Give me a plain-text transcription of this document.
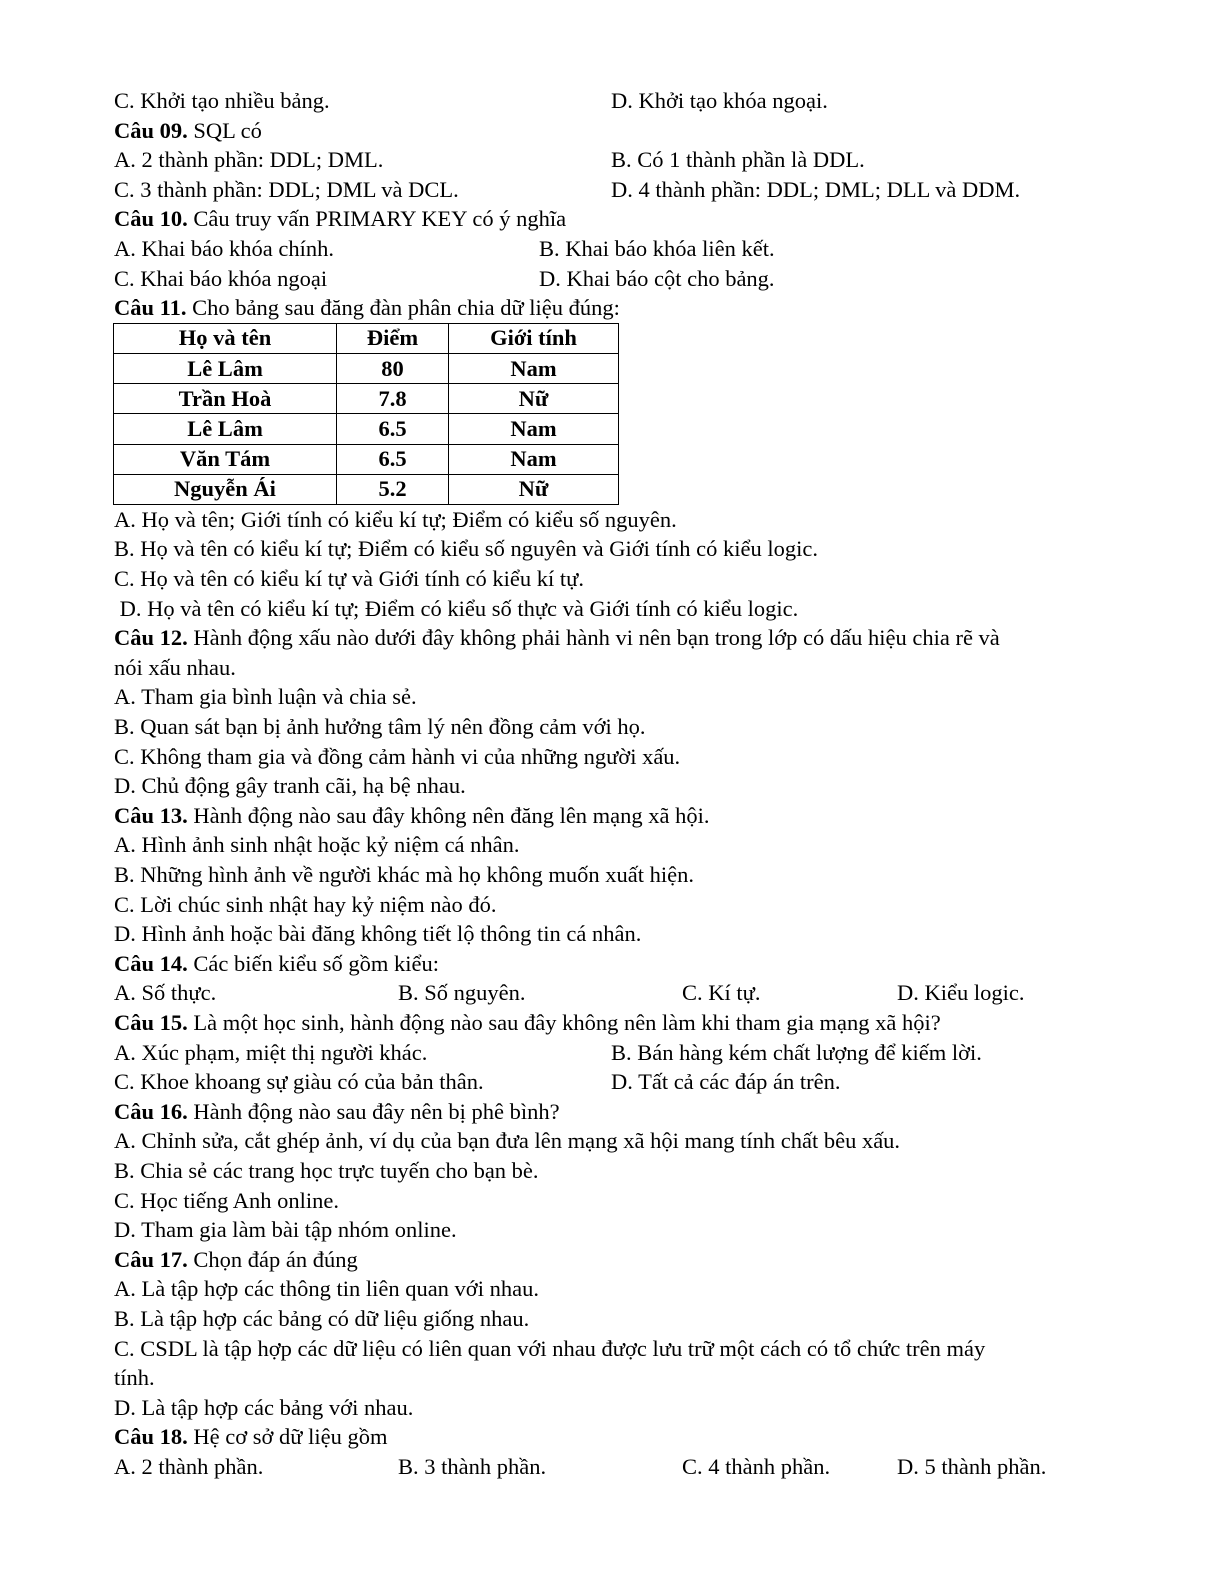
C. Khởi tạo nhiều bảng.	D. Khởi tạo khóa ngoại.
Câu 09. SQL có
A. 2 thành phần: DDL; DML.	B. Có 1 thành phần là DDL.
C. 3 thành phần: DDL; DML và DCL.	D. 4 thành phần: DDL; DML; DLL và DDM.
Câu 10. Câu truy vấn PRIMARY KEY có ý nghĩa
A. Khai báo khóa chính.	B. Khai báo khóa liên kết.
C. Khai báo khóa ngoại	D. Khai báo cột cho bảng.
Câu 11. Cho bảng sau đăng đàn phân chia dữ liệu đúng:
Họ và tên	Điểm	Giới tính
Lê Lâm	80	Nam
Trần Hoà	7.8	Nữ
Lê Lâm	6.5	Nam
Văn Tám	6.5	Nam
Nguyễn Ái	5.2	Nữ
A. Họ và tên; Giới tính có kiểu kí tự; Điểm có kiểu số nguyên.
B. Họ và tên có kiểu kí tự; Điểm có kiểu số nguyên và Giới tính có kiểu logic.
C. Họ và tên có kiểu kí tự và Giới tính có kiểu kí tự.
D. Họ và tên có kiểu kí tự; Điểm có kiểu số thực và Giới tính có kiểu logic.
Câu 12. Hành động xấu nào dưới đây không phải hành vi nên bạn trong lớp có dấu hiệu chia rẽ và
nói xấu nhau.
A. Tham gia bình luận và chia sẻ.
B. Quan sát bạn bị ảnh hưởng tâm lý nên đồng cảm với họ.
C. Không tham gia và đồng cảm hành vi của những người xấu.
D. Chủ động gây tranh cãi, hạ bệ nhau.
Câu 13. Hành động nào sau đây không nên đăng lên mạng xã hội.
A. Hình ảnh sinh nhật hoặc kỷ niệm cá nhân.
B. Những hình ảnh về người khác mà họ không muốn xuất hiện.
C. Lời chúc sinh nhật hay kỷ niệm nào đó.
D. Hình ảnh hoặc bài đăng không tiết lộ thông tin cá nhân.
Câu 14. Các biến kiểu số gồm kiểu:
A. Số thực.	B. Số nguyên.	C. Kí tự.	D. Kiểu logic.
Câu 15. Là một học sinh, hành động nào sau đây không nên làm khi tham gia mạng xã hội?
A. Xúc phạm, miệt thị người khác.	B. Bán hàng kém chất lượng để kiếm lời.
C. Khoe khoang sự giàu có của bản thân.	D. Tất cả các đáp án trên.
Câu 16. Hành động nào sau đây nên bị phê bình?
A. Chỉnh sửa, cắt ghép ảnh, ví dụ của bạn đưa lên mạng xã hội mang tính chất bêu xấu.
B. Chia sẻ các trang học trực tuyến cho bạn bè.
C. Học tiếng Anh online.
D. Tham gia làm bài tập nhóm online.
Câu 17. Chọn đáp án đúng
A. Là tập hợp các thông tin liên quan với nhau.
B. Là tập hợp các bảng có dữ liệu giống nhau.
C. CSDL là tập hợp các dữ liệu có liên quan với nhau được lưu trữ một cách có tổ chức trên máy
tính.
D. Là tập hợp các bảng với nhau.
Câu 18. Hệ cơ sở dữ liệu gồm
A. 2 thành phần.	B. 3 thành phần.	C. 4 thành phần.	D. 5 thành phần.
